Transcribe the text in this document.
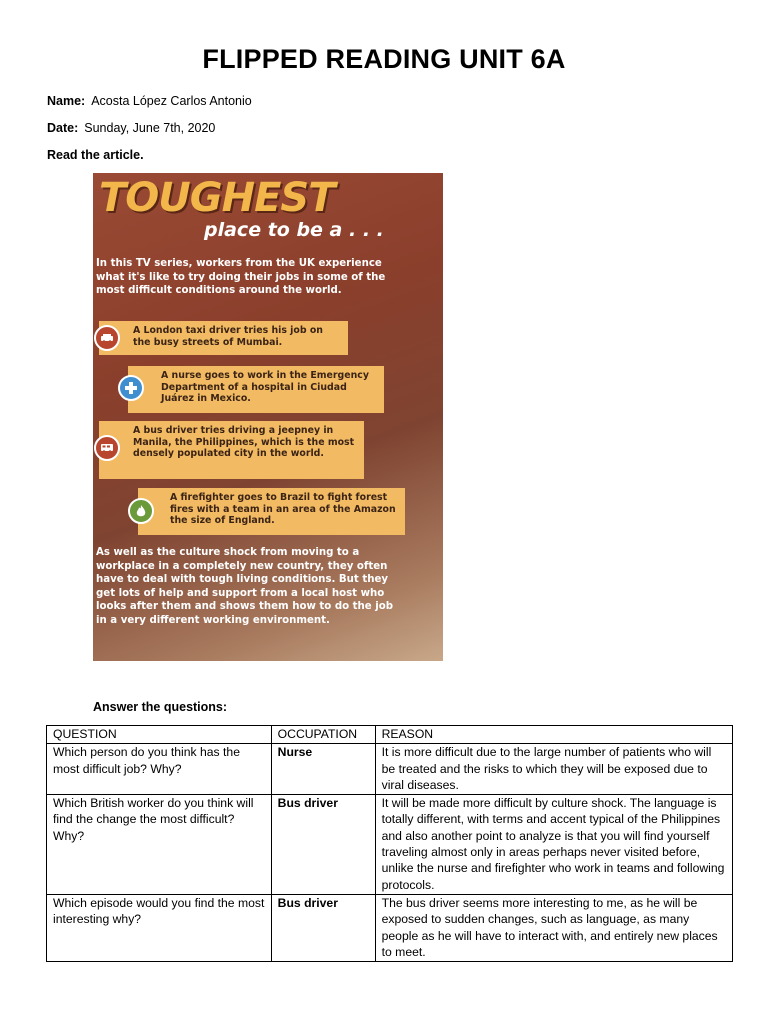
FLIPPED READING UNIT 6A
Name: Acosta López Carlos Antonio
Date: Sunday, June 7th, 2020
Read the article.
TOUGHEST
place to be a . . .
In this TV series, workers from the UK experience what it's like to try doing their jobs in some of the most difficult conditions around the world.
A London taxi driver tries his job on the busy streets of Mumbai.
A nurse goes to work in the Emergency Department of a hospital in Ciudad Juárez in Mexico.
A bus driver tries driving a jeepney in Manila, the Philippines, which is the most densely populated city in the world.
A firefighter goes to Brazil to fight forest fires with a team in an area of the Amazon the size of England.
As well as the culture shock from moving to a workplace in a completely new country, they often have to deal with tough living conditions. But they get lots of help and support from a local host who looks after them and shows them how to do the job in a very different working environment.
Answer the questions:
QUESTION	OCCUPATION	REASON
Which person do you think has the most difficult job? Why?	Nurse	It is more difficult due to the large number of patients who will be treated and the risks to which they will be exposed due to viral diseases.
Which British worker do you think will find the change the most difficult? Why?	Bus driver	It will be made more difficult by culture shock. The language is totally different, with terms and accent typical of the Philippines and also another point to analyze is that you will find yourself traveling almost only in areas perhaps never visited before, unlike the nurse and firefighter who work in teams and following protocols.
Which episode would you find the most interesting why?	Bus driver	The bus driver seems more interesting to me, as he will be exposed to sudden changes, such as language, as many people as he will have to interact with, and entirely new places to meet.
